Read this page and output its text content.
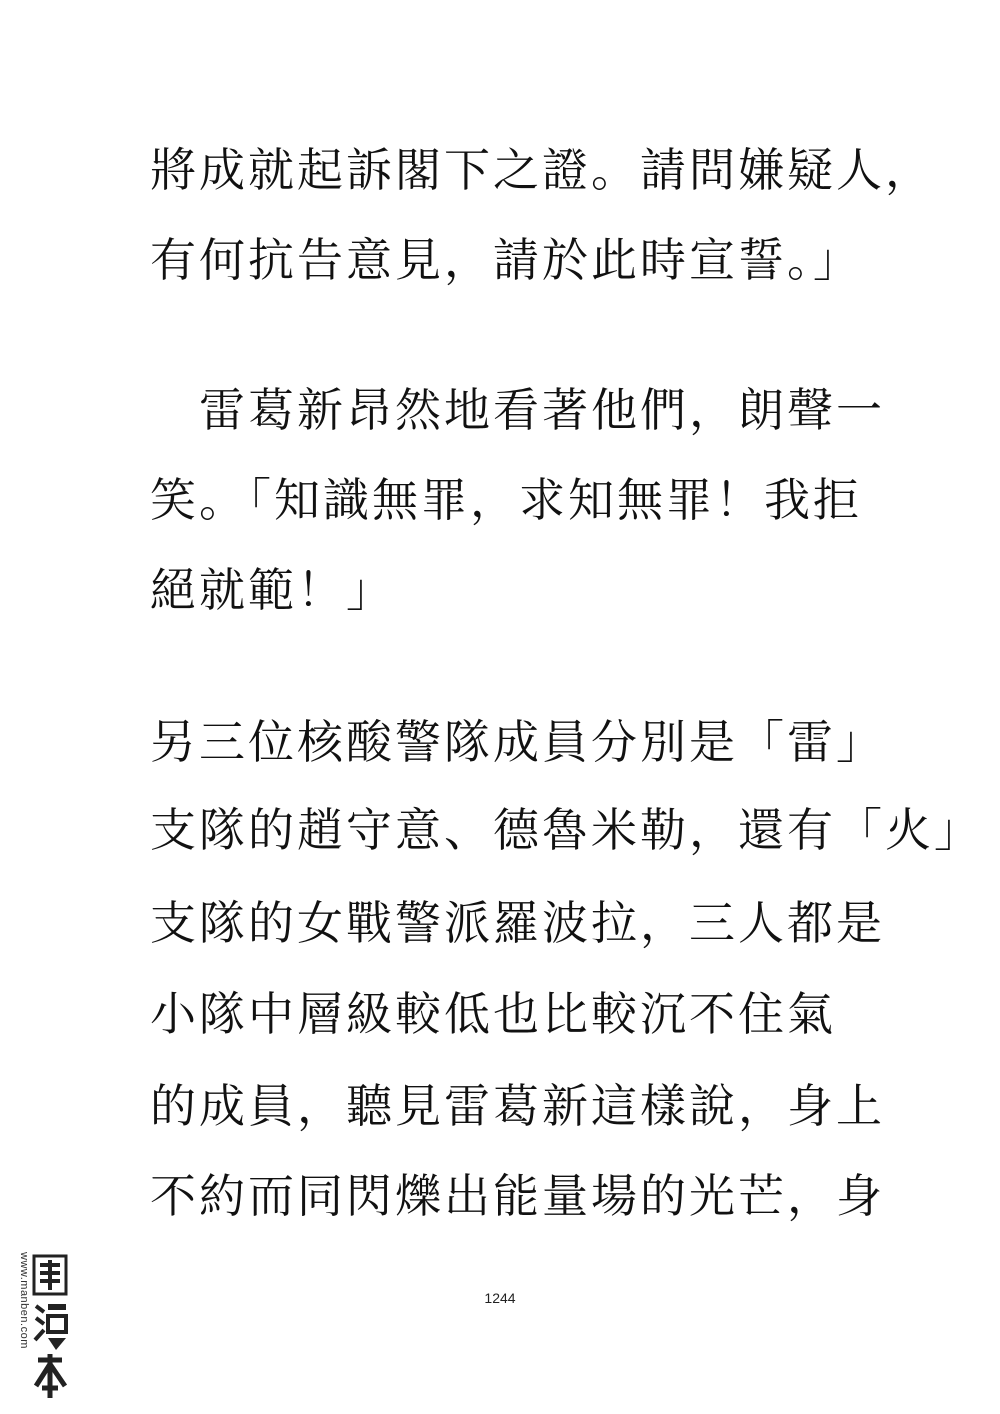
將成就起訴閣下之證。請問嫌疑人，
有何抗告意見，請於此時宣誓。」
　雷葛新昂然地看著他們，朗聲一
笑。「知識無罪，求知無罪！我拒
絕就範！」
另三位核酸警隊成員分別是「雷」
支隊的趙守意、德魯米勒，還有「火」
支隊的女戰警派羅波拉，三人都是
小隊中層級較低也比較沉不住氣
的成員，聽見雷葛新這樣說，身上
不約而同閃爍出能量場的光芒，身
1244
www.manben.com
